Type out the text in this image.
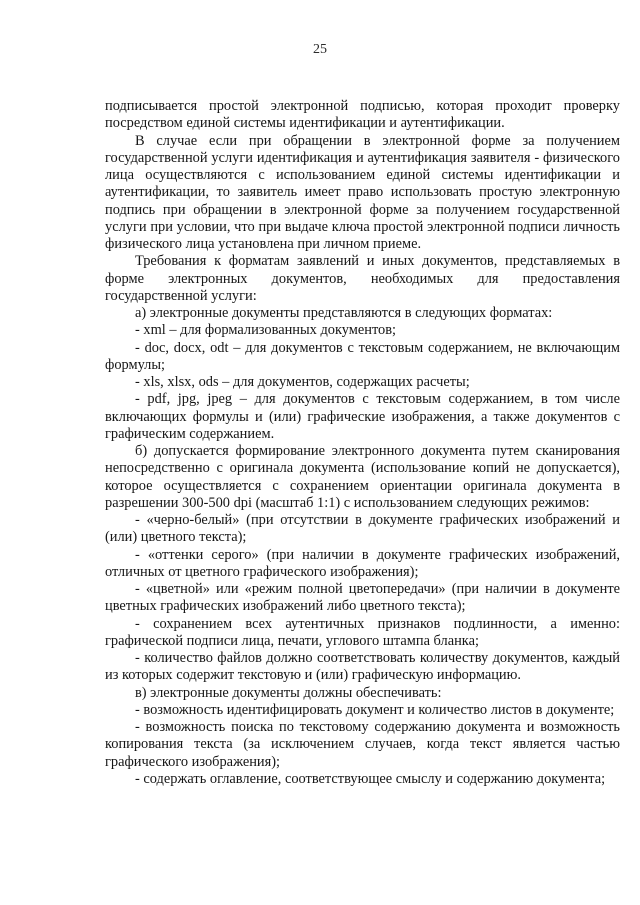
25

подписывается простой электронной подписью, которая проходит проверку посредством единой системы идентификации и аутентификации.

В случае если при обращении в электронной форме за получением государственной услуги идентификация и аутентификация заявителя - физического лица осуществляются с использованием единой системы идентификации и аутентификации, то заявитель имеет право использовать простую электронную подпись при обращении в электронной форме за получением государственной услуги при условии, что при выдаче ключа простой электронной подписи личность физического лица установлена при личном приеме.

Требования к форматам заявлений и иных документов, представляемых в форме электронных документов, необходимых для предоставления государственной услуги:

а) электронные документы представляются в следующих форматах:

- xml – для формализованных документов;

- doc, docx, odt – для документов с текстовым содержанием, не включающим формулы;

- xls, xlsx, ods – для документов, содержащих расчеты;

- pdf, jpg, jpeg – для документов с текстовым содержанием, в том числе включающих формулы и (или) графические изображения, а также документов с графическим содержанием.

б) допускается формирование электронного документа путем сканирования непосредственно с оригинала документа (использование копий не допускается), которое осуществляется с сохранением ориентации оригинала документа в разрешении 300-500 dpi (масштаб 1:1) с использованием следующих режимов:

- «черно-белый» (при отсутствии в документе графических изображений и (или) цветного текста);

- «оттенки серого» (при наличии в документе графических изображений, отличных от цветного графического изображения);

- «цветной» или «режим полной цветопередачи» (при наличии в документе цветных графических изображений либо цветного текста);

- сохранением всех аутентичных признаков подлинности, а именно: графической подписи лица, печати, углового штампа бланка;

- количество файлов должно соответствовать количеству документов, каждый из которых содержит текстовую и (или) графическую информацию.

в) электронные документы должны обеспечивать:

- возможность идентифицировать документ и количество листов в документе;

- возможность поиска по текстовому содержанию документа и возможность копирования текста (за исключением случаев, когда текст является частью графического изображения);

- содержать оглавление, соответствующее смыслу и содержанию документа;
